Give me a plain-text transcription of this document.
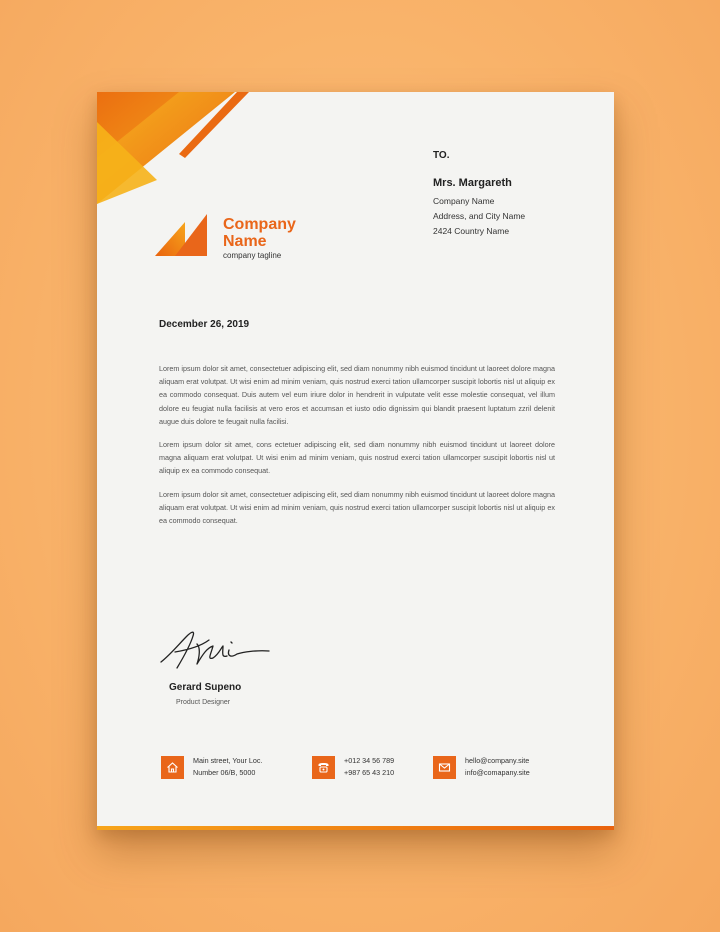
Company
Name
company tagline
TO.
Mrs. Margareth
Company Name
Address, and City Name
2424 Country Name
December 26, 2019

Lorem ipsum dolor sit amet, consectetuer adipiscing elit, sed diam nonummy nibh euismod tincidunt ut laoreet dolore magna aliquam erat volutpat. Ut wisi enim ad minim veniam, quis nostrud exerci tation ullamcorper suscipit lobortis nisl ut aliquip ex ea commodo consequat. Duis autem vel eum iriure dolor in hendrerit in vulputate velit esse molestie consequat, vel illum dolore eu feugiat nulla facilisis at vero eros et accumsan et iusto odio dignissim qui blandit praesent luptatum zzril delenit augue duis dolore te feugait nulla facilisi.

Lorem ipsum dolor sit amet, cons ectetuer adipiscing elit, sed diam nonummy nibh euismod tincidunt ut laoreet dolore magna aliquam erat volutpat. Ut wisi enim ad minim veniam, quis nostrud exerci tation ullamcorper suscipit lobortis nisl ut aliquip ex ea commodo consequat.

Lorem ipsum dolor sit amet, consectetuer adipiscing elit, sed diam nonummy nibh euismod tincidunt ut laoreet dolore magna aliquam erat volutpat. Ut wisi enim ad minim veniam, quis nostrud exerci tation ullamcorper suscipit lobortis nisl ut aliquip ex ea commodo consequat.

Gerard Supeno
Product Designer
Main street, Your Loc.
Number 06/B, 5000
+012 34 56 789
+987 65 43 210
hello@company.site
info@comapany.site
